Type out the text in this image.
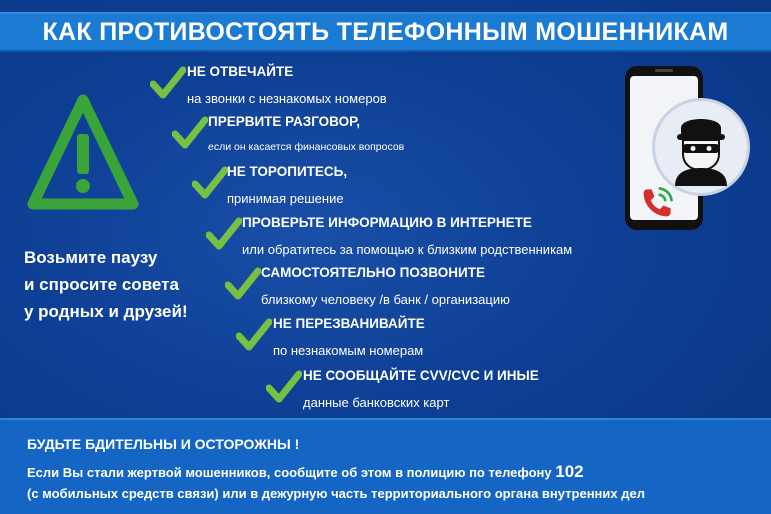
КАК ПРОТИВОСТОЯТЬ ТЕЛЕФОННЫМ МОШЕННИКАМ
Возьмите паузу
и спросите совета
у родных и друзей!
НЕ ОТВЕЧАЙТЕ
на звонки с незнакомых номеров
ПРЕРВИТЕ РАЗГОВОР,
если он касается финансовых вопросов
НЕ ТОРОПИТЕСЬ,
принимая решение
ПРОВЕРЬТЕ ИНФОРМАЦИЮ В ИНТЕРНЕТЕ
или обратитесь за помощью к близким родственникам
САМОСТОЯТЕЛЬНО ПОЗВОНИТЕ
близкому человеку /в банк / организацию
НЕ ПЕРЕЗВАНИВАЙТЕ
по незнакомым номерам
НЕ СООБЩАЙТЕ CVV/CVC И ИНЫЕ
данные банковских карт
БУДЬТЕ БДИТЕЛЬНЫ И ОСТОРОЖНЫ !
Если Вы стали жертвой мошенников, сообщите об этом в полицию по телефону 102
(с мобильных средств связи) или в дежурную часть территориального органа внутренних дел
